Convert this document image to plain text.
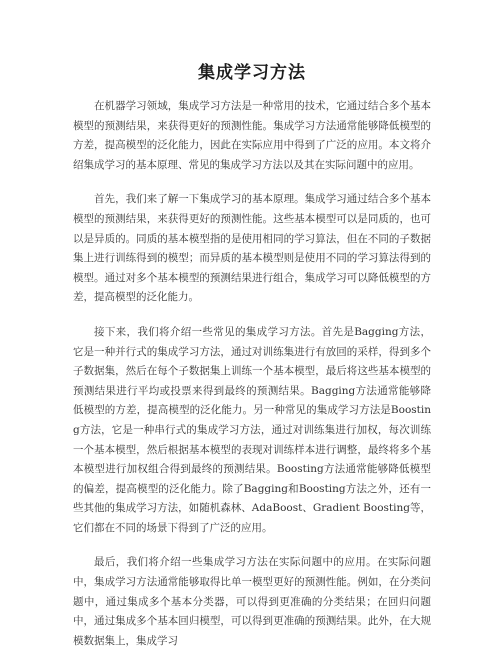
集成学习方法

在机器学习领域，集成学习方法是一种常用的技术，它通过结合多个基本模型的预测结果，来获得更好的预测性能。集成学习方法通常能够降低模型的方差，提高模型的泛化能力，因此在实际应用中得到了广泛的应用。本文将介绍集成学习的基本原理、常见的集成学习方法以及其在实际问题中的应用。

首先，我们来了解一下集成学习的基本原理。集成学习通过结合多个基本模型的预测结果，来获得更好的预测性能。这些基本模型可以是同质的，也可以是异质的。同质的基本模型指的是使用相同的学习算法，但在不同的子数据集上进行训练得到的模型；而异质的基本模型则是使用不同的学习算法得到的模型。通过对多个基本模型的预测结果进行组合，集成学习可以降低模型的方差，提高模型的泛化能力。

接下来，我们将介绍一些常见的集成学习方法。首先是Bagging方法，它是一种并行式的集成学习方法，通过对训练集进行有放回的采样，得到多个子数据集，然后在每个子数据集上训练一个基本模型，最后将这些基本模型的预测结果进行平均或投票来得到最终的预测结果。Bagging方法通常能够降低模型的方差，提高模型的泛化能力。另一种常见的集成学习方法是Boosting方法，它是一种串行式的集成学习方法，通过对训练集进行加权，每次训练一个基本模型，然后根据基本模型的表现对训练样本进行调整，最终将多个基本模型进行加权组合得到最终的预测结果。Boosting方法通常能够降低模型的偏差，提高模型的泛化能力。除了Bagging和Boosting方法之外，还有一些其他的集成学习方法，如随机森林、AdaBoost、Gradient Boosting等，它们都在不同的场景下得到了广泛的应用。

最后，我们将介绍一些集成学习方法在实际问题中的应用。在实际问题中，集成学习方法通常能够取得比单一模型更好的预测性能。例如，在分类问题中，通过集成多个基本分类器，可以得到更准确的分类结果；在回归问题中，通过集成多个基本回归模型，可以得到更准确的预测结果。此外，在大规模数据集上，集成学习
